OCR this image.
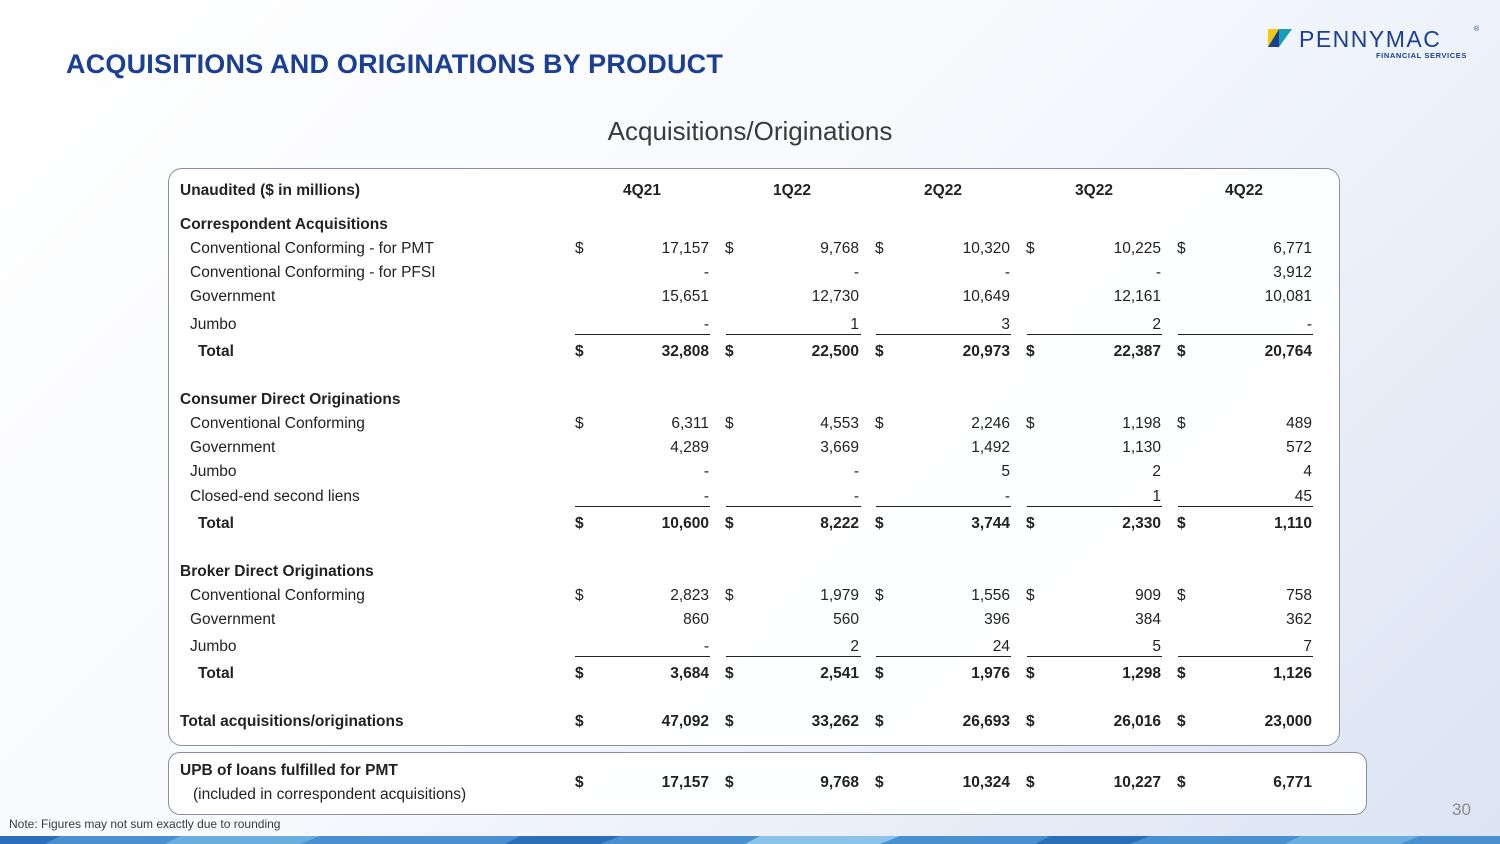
ACQUISITIONS AND ORIGINATIONS BY PRODUCT
PENNYMAC	®
FINANCIAL SERVICES
Acquisitions/Originations
Unaudited ($ in millions)	4Q21	1Q22	2Q22	3Q22	4Q22
Correspondent Acquisitions
Conventional Conforming - for PMT	$	17,157 $	9,768 $	10,320 $	10,225 $	6,771
Conventional Conforming - for PFSI	-	-	-	-	3,912
Government	15,651	12,730	10,649	12,161	10,081
Jumbo	-	1	3	2	-
Total	$	32,808 $	22,500 $	20,973 $	22,387 $	20,764
Consumer Direct Originations
Conventional Conforming	$	6,311 $	4,553 $	2,246 $	1,198 $	489
Government	4,289	3,669	1,492	1,130	572
Jumbo	-	-	5	2	4
Closed-end second liens	-	-	-	1	45
Total	$	10,600 $	8,222 $	3,744 $	2,330 $	1,110
Broker Direct Originations
Conventional Conforming	$	2,823 $	1,979 $	1,556 $	909 $	758
Government	860	560	396	384	362
Jumbo	-	2	24	5	7
Total	$	3,684 $	2,541 $	1,976 $	1,298 $	1,126
Total acquisitions/originations	$	47,092 $	33,262 $	26,693 $	26,016 $	23,000
UPB of loans fulfilled for PMT
(included in correspondent acquisitions)
$	17,157 $	9,768 $	10,324 $	10,227 $	6,771
Note: Figures may not sum exactly due to rounding
30
